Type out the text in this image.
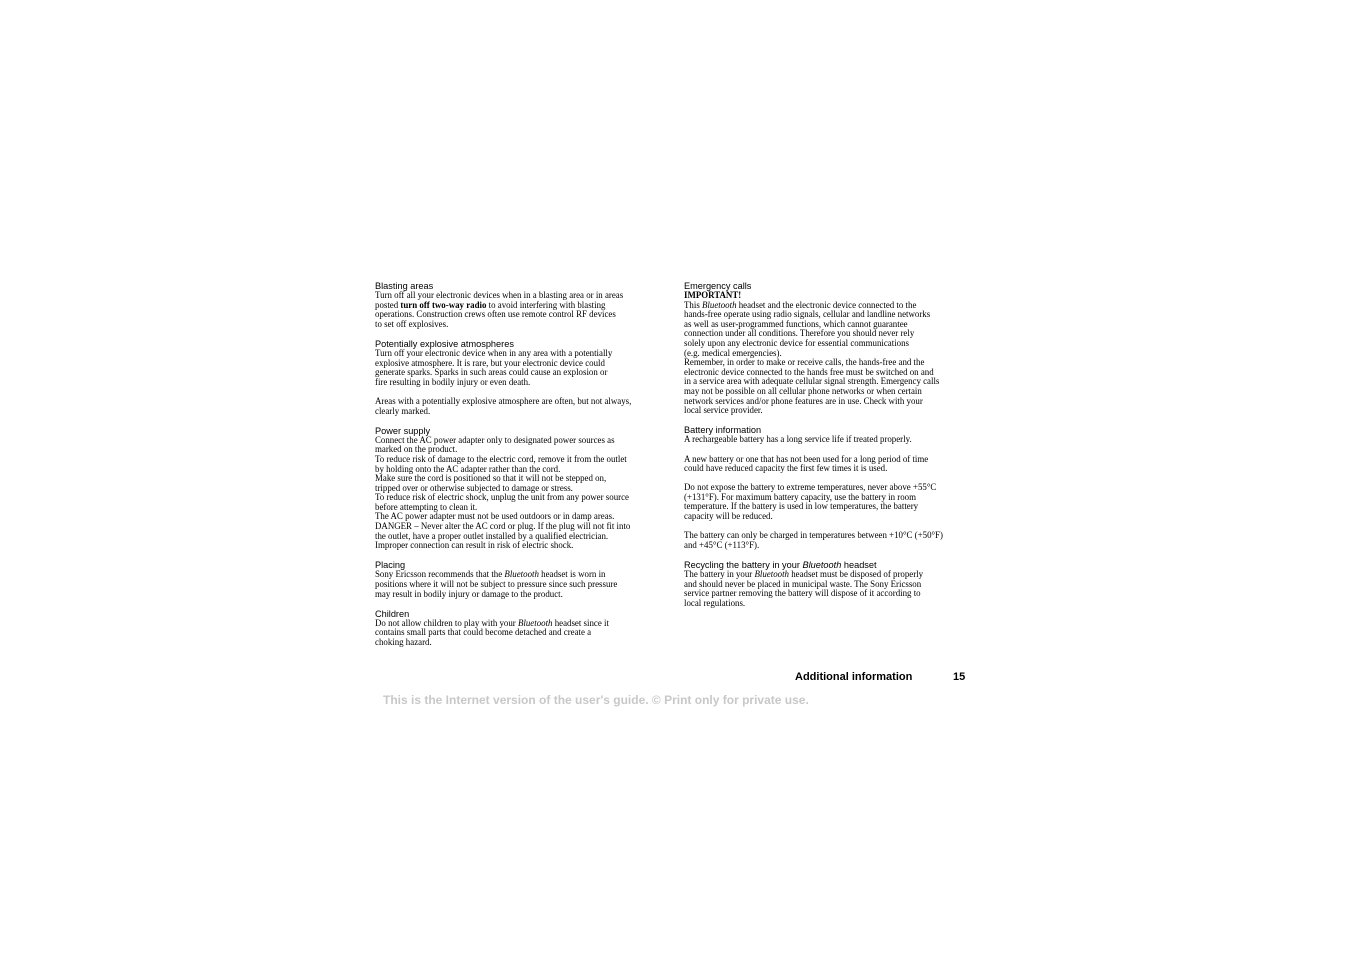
Blasting areas
Turn off all your electronic devices when in a blasting area or in areas
posted turn off two-way radio to avoid interfering with blasting
operations. Construction crews often use remote control RF devices
to set off explosives.
Potentially explosive atmospheres
Turn off your electronic device when in any area with a potentially
explosive atmosphere. It is rare, but your electronic device could
generate sparks. Sparks in such areas could cause an explosion or
fire resulting in bodily injury or even death.
Areas with a potentially explosive atmosphere are often, but not always,
clearly marked.
Power supply
Connect the AC power adapter only to designated power sources as
marked on the product.
To reduce risk of damage to the electric cord, remove it from the outlet
by holding onto the AC adapter rather than the cord.
Make sure the cord is positioned so that it will not be stepped on,
tripped over or otherwise subjected to damage or stress.
To reduce risk of electric shock, unplug the unit from any power source
before attempting to clean it.
The AC power adapter must not be used outdoors or in damp areas.
DANGER – Never alter the AC cord or plug. If the plug will not fit into
the outlet, have a proper outlet installed by a qualified electrician.
Improper connection can result in risk of electric shock.
Placing
Sony Ericsson recommends that the Bluetooth headset is worn in
positions where it will not be subject to pressure since such pressure
may result in bodily injury or damage to the product.
Children
Do not allow children to play with your Bluetooth headset since it
contains small parts that could become detached and create a
choking hazard.
Emergency calls
IMPORTANT!
This Bluetooth headset and the electronic device connected to the
hands-free operate using radio signals, cellular and landline networks
as well as user-programmed functions, which cannot guarantee
connection under all conditions. Therefore you should never rely
solely upon any electronic device for essential communications
(e.g. medical emergencies).
Remember, in order to make or receive calls, the hands-free and the
electronic device connected to the hands free must be switched on and
in a service area with adequate cellular signal strength. Emergency calls
may not be possible on all cellular phone networks or when certain
network services and/or phone features are in use. Check with your
local service provider.
Battery information
A rechargeable battery has a long service life if treated properly.
A new battery or one that has not been used for a long period of time
could have reduced capacity the first few times it is used.
Do not expose the battery to extreme temperatures, never above +55°C
(+131°F). For maximum battery capacity, use the battery in room
temperature. If the battery is used in low temperatures, the battery
capacity will be reduced.
The battery can only be charged in temperatures between +10°C (+50°F)
and +45°C (+113°F).
Recycling the battery in your Bluetooth headset
The battery in your Bluetooth headset must be disposed of properly
and should never be placed in municipal waste. The Sony Ericsson
service partner removing the battery will dispose of it according to
local regulations.
Additional information	15
This is the Internet version of the user's guide. © Print only for private use.
